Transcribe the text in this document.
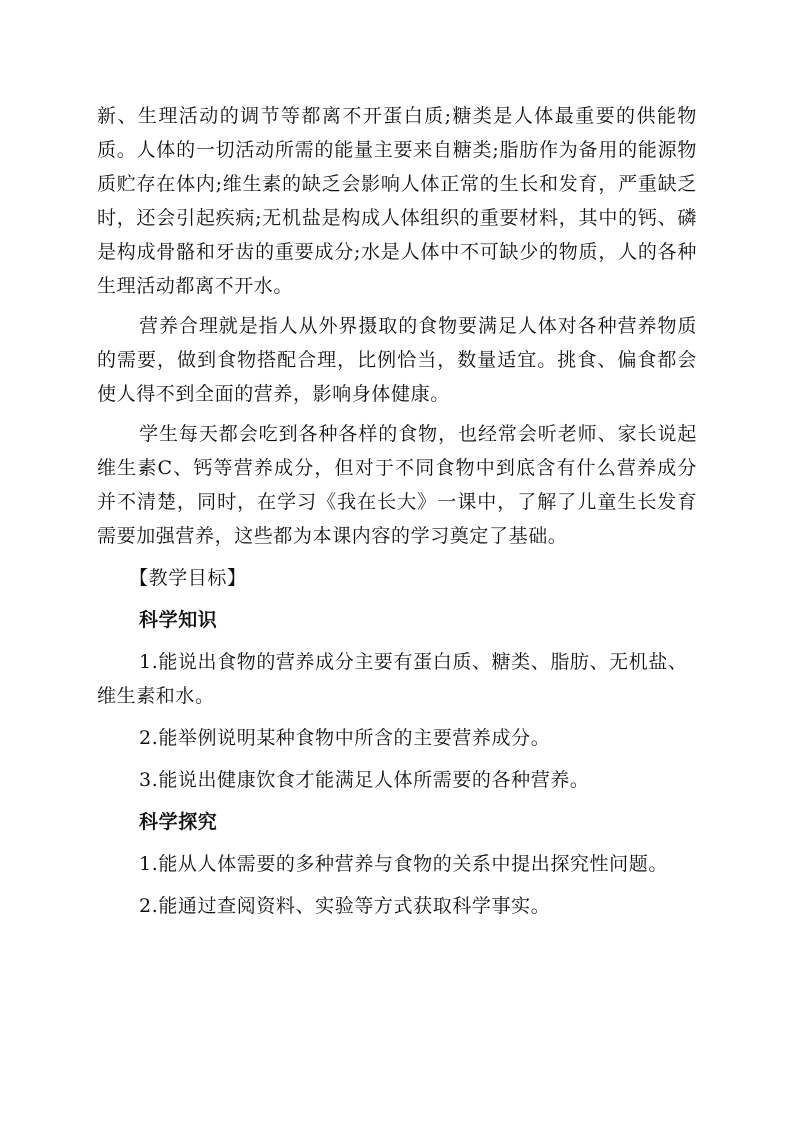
新、生理活动的调节等都离不开蛋白质;糖类是人体最重要的供能物质。人体的一切活动所需的能量主要来自糖类;脂肪作为备用的能源物质贮存在体内;维生素的缺乏会影响人体正常的生长和发育，严重缺乏时，还会引起疾病;无机盐是构成人体组织的重要材料，其中的钙、磷是构成骨骼和牙齿的重要成分;水是人体中不可缺少的物质，人的各种生理活动都离不开水。

营养合理就是指人从外界摄取的食物要满足人体对各种营养物质的需要，做到食物搭配合理，比例恰当，数量适宜。挑食、偏食都会使人得不到全面的营养，影响身体健康。

学生每天都会吃到各种各样的食物，也经常会听老师、家长说起维生素C、钙等营养成分，但对于不同食物中到底含有什么营养成分并不清楚，同时，在学习《我在长大》一课中，了解了儿童生长发育需要加强营养，这些都为本课内容的学习奠定了基础。

【教学目标】

科学知识

1.能说出食物的营养成分主要有蛋白质、糖类、脂肪、无机盐、

维生素和水。

2.能举例说明某种食物中所含的主要营养成分。

3.能说出健康饮食才能满足人体所需要的各种营养。

科学探究

1.能从人体需要的多种营养与食物的关系中提出探究性问题。

2.能通过查阅资料、实验等方式获取科学事实。
